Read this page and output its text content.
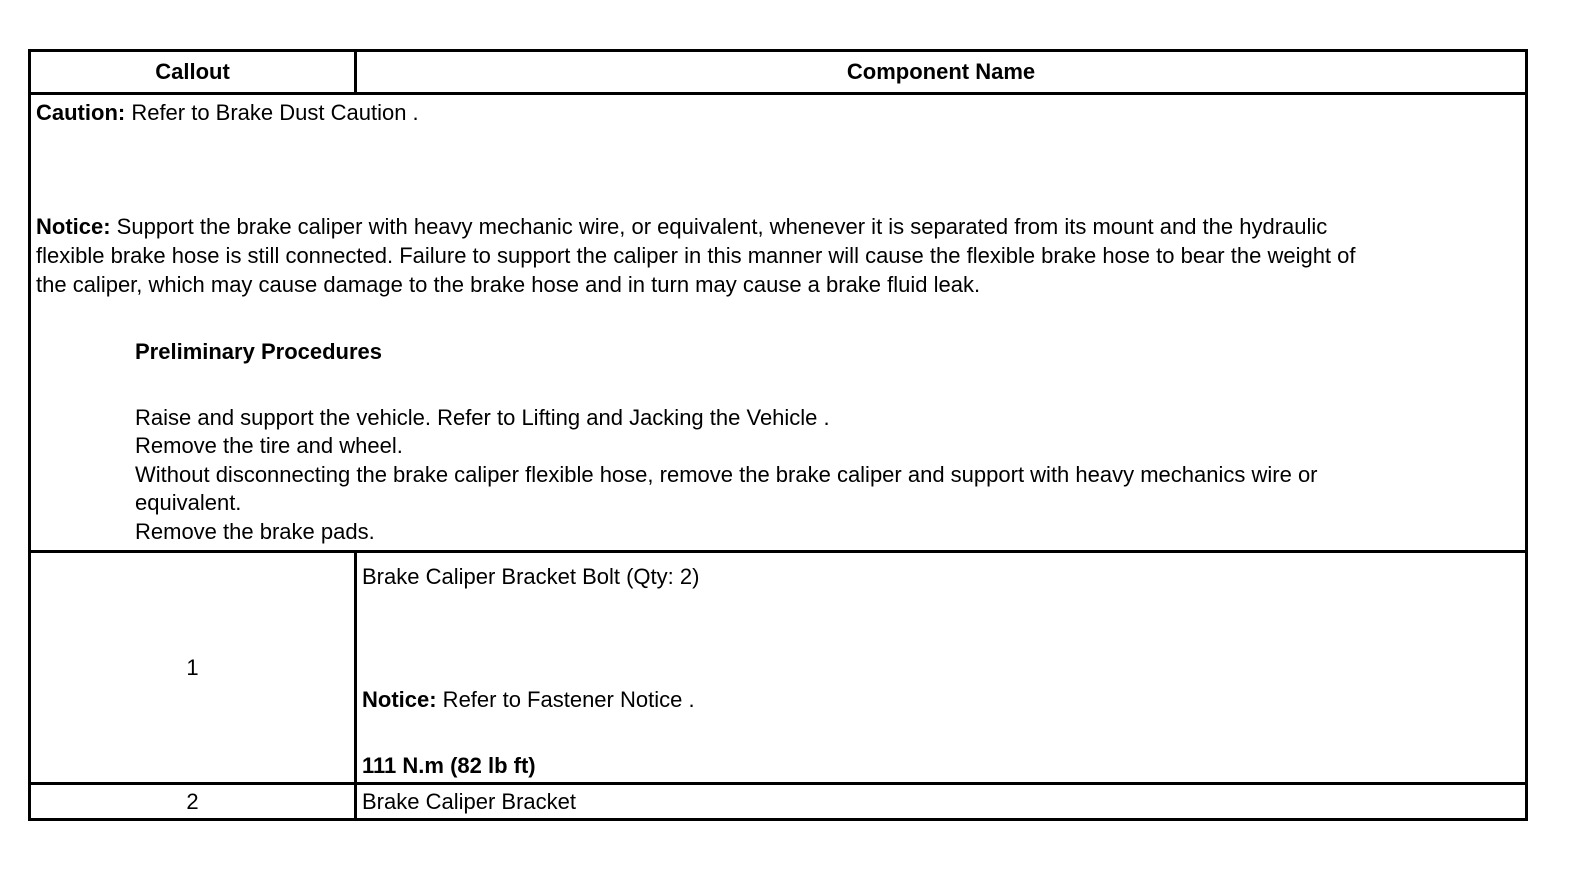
Callout	Component Name
Caution: Refer to Brake Dust Caution .
Notice: Support the brake caliper with heavy mechanic wire, or equivalent, whenever it is separated from its mount and the hydraulic
flexible brake hose is still connected. Failure to support the caliper in this manner will cause the flexible brake hose to bear the weight of
the caliper, which may cause damage to the brake hose and in turn may cause a brake fluid leak.
Preliminary Procedures
Raise and support the vehicle. Refer to Lifting and Jacking the Vehicle .
Remove the tire and wheel.
Without disconnecting the brake caliper flexible hose, remove the brake caliper and support with heavy mechanics wire or
equivalent.
Remove the brake pads.
1
Brake Caliper Bracket Bolt (Qty: 2)
Notice: Refer to Fastener Notice .
111 N.m (82 lb ft)
2	Brake Caliper Bracket
